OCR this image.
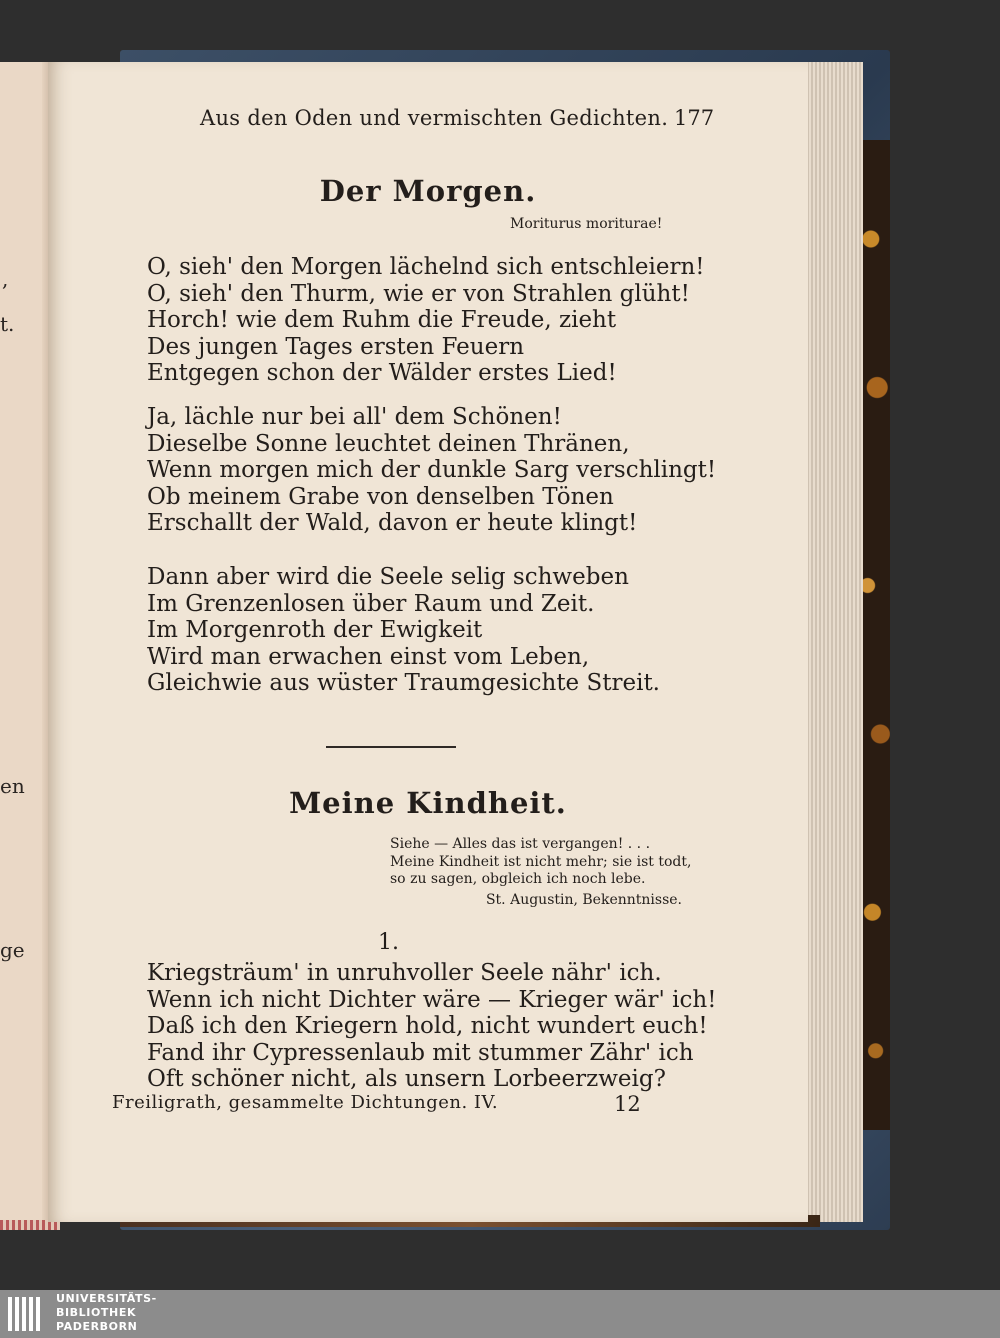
,
t.
en
ge
Aus den Oden und vermischten Gedichten. 177
Der Morgen.
Moriturus moriturae!
O, sieh' den Morgen lächelnd sich entschleiern!
O, sieh' den Thurm, wie er von Strahlen glüht!
Horch! wie dem Ruhm die Freude, zieht
Des jungen Tages ersten Feuern
Entgegen schon der Wälder erstes Lied!
Ja, lächle nur bei all' dem Schönen!
Dieselbe Sonne leuchtet deinen Thränen,
Wenn morgen mich der dunkle Sarg verschlingt!
Ob meinem Grabe von denselben Tönen
Erschallt der Wald, davon er heute klingt!
Dann aber wird die Seele selig schweben
Im Grenzenlosen über Raum und Zeit.
Im Morgenroth der Ewigkeit
Wird man erwachen einst vom Leben,
Gleichwie aus wüster Traumgesichte Streit.
Meine Kindheit.
Siehe — Alles das ist vergangen! . . .
Meine Kindheit ist nicht mehr; sie ist todt,
so zu sagen, obgleich ich noch lebe.
St. Augustin, Bekenntnisse.
1.
Kriegsträum' in unruhvoller Seele nähr' ich.
Wenn ich nicht Dichter wäre — Krieger wär' ich!
Daß ich den Kriegern hold, nicht wundert euch!
Fand ihr Cypressenlaub mit stummer Zähr' ich
Oft schöner nicht, als unsern Lorbeerzweig?
Freiligrath, gesammelte Dichtungen. IV.	12
UNIVERSITÄTS-
BIBLIOTHEK
PADERBORN
